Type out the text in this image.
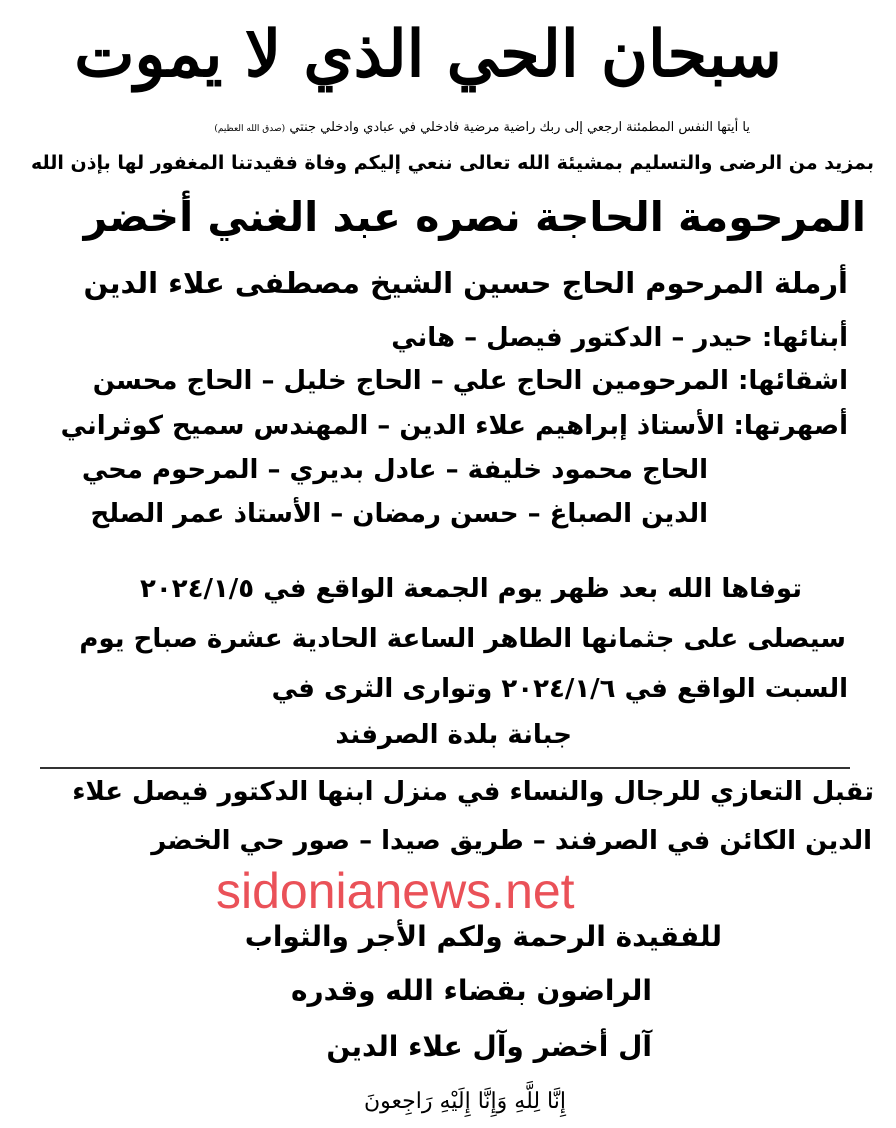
سبحان الحي الذي لا يموت

يا أيتها النفس المطمئنة ارجعي إلى ربك راضية مرضية فادخلي في عبادي وادخلي جنتي (صدق الله العظيم)

بمزيد من الرضى والتسليم بمشيئة الله تعالى ننعي إليكم وفاة فقيدتنا المغفور لها بإذن الله

المرحومة الحاجة نصره عبد الغني أخضر

أرملة المرحوم الحاج حسين الشيخ مصطفى علاء الدين

أبنائها: حيدر – الدكتور فيصل – هاني

اشقائها: المرحومين الحاج علي – الحاج خليل – الحاج محسن

أصهرتها: الأستاذ إبراهيم علاء الدين – المهندس سميح كوثراني

الحاج محمود خليفة – عادل بديري – المرحوم محي

الدين الصباغ – حسن رمضان – الأستاذ عمر الصلح

توفاها الله بعد ظهر يوم الجمعة الواقع في ٢٠٢٤/١/٥

سيصلى على جثمانها الطاهر الساعة الحادية عشرة صباح يوم

السبت الواقع في ٢٠٢٤/١/٦ وتوارى الثرى في

جبانة بلدة الصرفند

تقبل التعازي للرجال والنساء في منزل ابنها الدكتور فيصل علاء

الدين الكائن في الصرفند – طريق صيدا – صور حي الخضر

sidonianews.net

للفقيدة الرحمة ولكم الأجر والثواب

الراضون بقضاء الله وقدره

آل أخضر وآل علاء الدين

إِنَّا لِلَّهِ وَإِنَّا إِلَيْهِ رَاجِعونَ
